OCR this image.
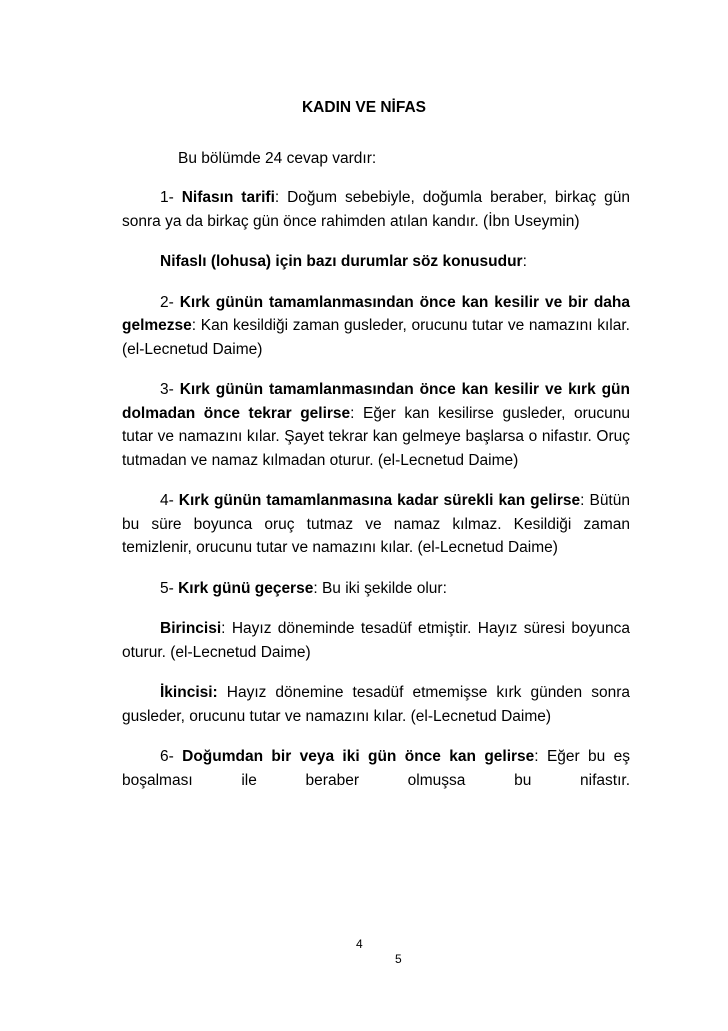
KADIN VE NİFAS

Bu bölümde 24 cevap vardır:

1- Nifasın tarifi: Doğum sebebiyle, doğumla beraber, birkaç gün sonra ya da birkaç gün önce rahimden atılan kandır. (İbn Useymin)

Nifaslı (lohusa) için bazı durumlar söz konusudur:

2- Kırk günün tamamlanmasından önce kan kesilir ve bir daha gelmezse: Kan kesildiği zaman gusleder, orucunu tutar ve namazını kılar. (el-Lecnetud Daime)

3- Kırk günün tamamlanmasından önce kan kesilir ve kırk gün dolmadan önce tekrar gelirse: Eğer kan kesilirse gusleder, orucunu tutar ve namazını kılar. Şayet tekrar kan gelmeye başlarsa o nifastır. Oruç tutmadan ve namaz kılmadan oturur. (el-Lecnetud Daime)

4- Kırk günün tamamlanmasına kadar sürekli kan gelirse: Bütün bu süre boyunca oruç tutmaz ve namaz kılmaz. Kesildiği zaman temizlenir, orucunu tutar ve namazını kılar. (el-Lecnetud Daime)

5- Kırk günü geçerse: Bu iki şekilde olur:

Birincisi: Hayız döneminde tesadüf etmiştir. Hayız süresi boyunca oturur. (el-Lecnetud Daime)

İkincisi: Hayız dönemine tesadüf etmemişse kırk günden sonra gusleder, orucunu tutar ve namazını kılar. (el-Lecnetud Daime)

6- Doğumdan bir veya iki gün önce kan gelirse: Eğer bu eş boşalması ile beraber olmuşsa bu nifastır.

4
5
